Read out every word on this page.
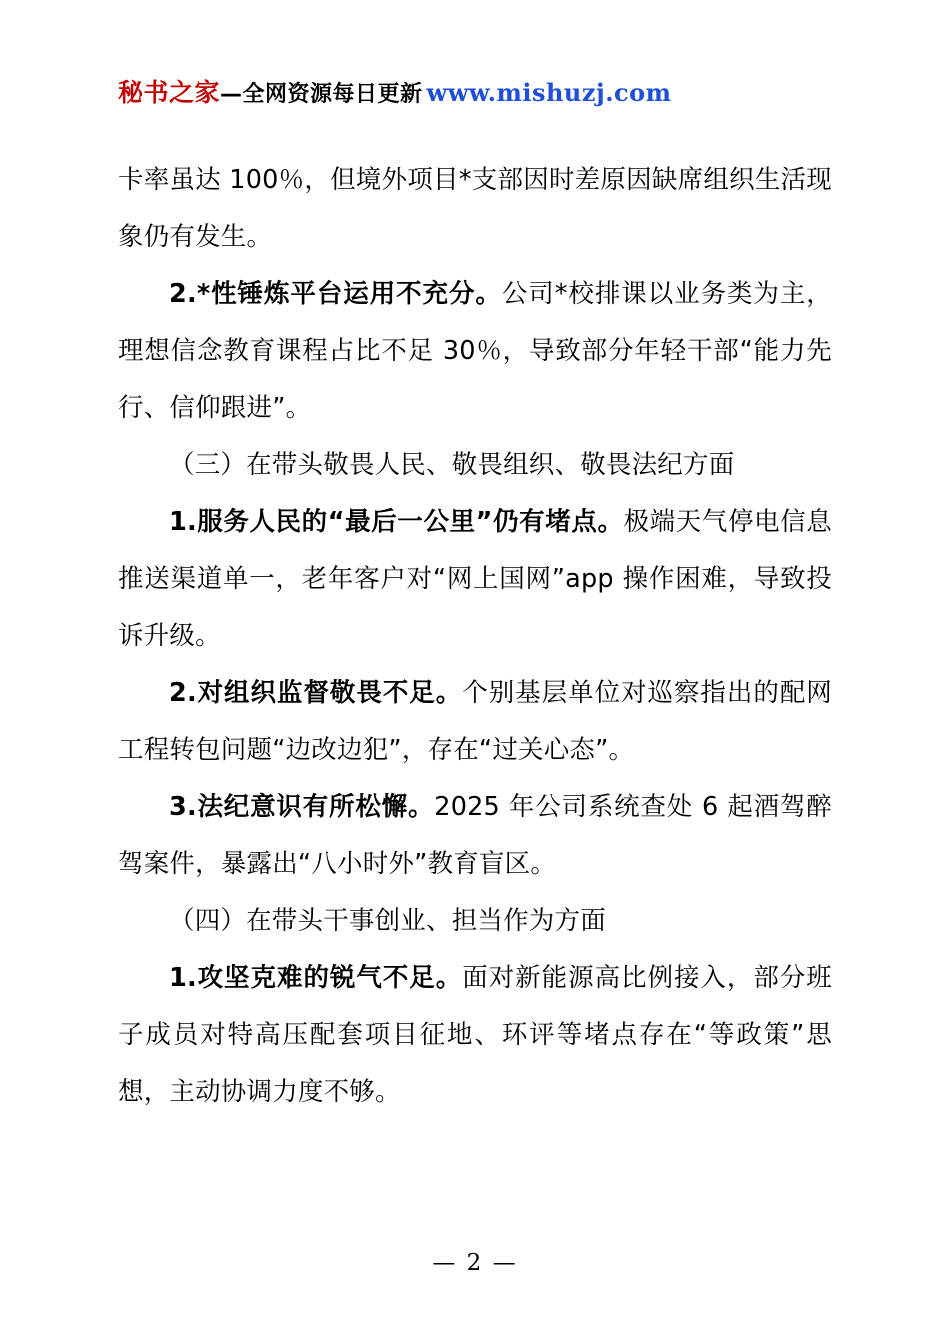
秘书之家—全网资源每日更新 www.mishuzj.com

卡率虽达 100％，但境外项目*支部因时差原因缺席组织生活现象仍有发生。

2.*性锤炼平台运用不充分。公司*校排课以业务类为主，理想信念教育课程占比不足 30％，导致部分年轻干部“能力先行、信仰跟进”。

（三）在带头敬畏人民、敬畏组织、敬畏法纪方面

1.服务人民的“最后一公里”仍有堵点。极端天气停电信息推送渠道单一，老年客户对“网上国网”app 操作困难，导致投诉升级。

2.对组织监督敬畏不足。个别基层单位对巡察指出的配网工程转包问题“边改边犯”，存在“过关心态”。

3.法纪意识有所松懈。2025 年公司系统查处 6 起酒驾醉驾案件，暴露出“八小时外”教育盲区。

（四）在带头干事创业、担当作为方面

1.攻坚克难的锐气不足。面对新能源高比例接入，部分班子成员对特高压配套项目征地、环评等堵点存在“等政策”思想，主动协调力度不够。

— 2 —
